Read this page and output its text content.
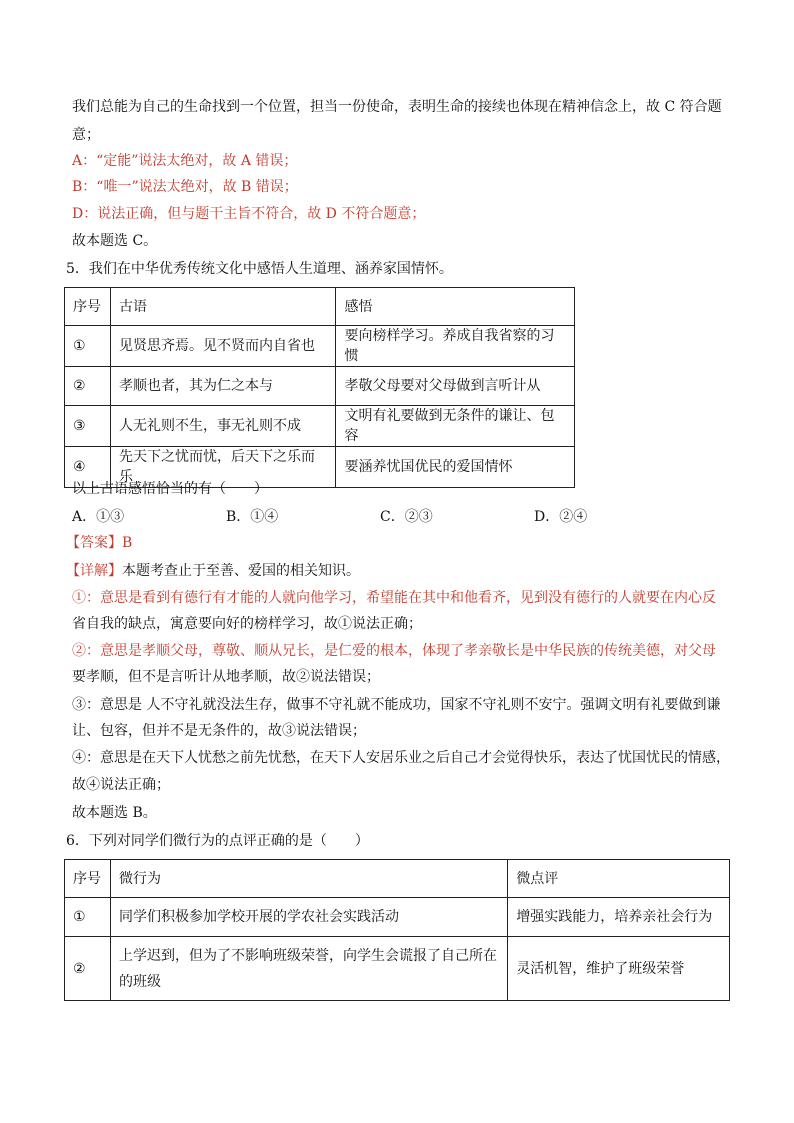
我们总能为自己的生命找到一个位置，担当一份使命，表明生命的接续也体现在精神信念上，故 C 符合题
意；
A：“定能”说法太绝对，故 A 错误；
B：“唯一”说法太绝对，故 B 错误；
D：说法正确，但与题干主旨不符合，故 D 不符合题意；
故本题选 C。
5．我们在中华优秀传统文化中感悟人生道理、涵养家国情怀。
序号	古语	感悟
①	见贤思齐焉。见不贤而内自省也	要向榜样学习。养成自我省察的习惯
②	孝顺也者，其为仁之本与	孝敬父母要对父母做到言听计从
③	人无礼则不生，事无礼则不成	文明有礼要做到无条件的谦让、包容
④	先天下之忧而忧，后天下之乐而乐	要涵养忧国优民的爱国情怀
以上古语感悟恰当的有（　　）
A．①③	B．①④	C．②③	D．②④
【答案】B
【详解】本题考查止于至善、爱国的相关知识。
①：意思是看到有德行有才能的人就向他学习，希望能在其中和他看齐，见到没有德行的人就要在内心反
省自我的缺点，寓意要向好的榜样学习，故①说法正确；
②：意思是孝顺父母，尊敬、顺从兄长，是仁爱的根本，体现了孝亲敬长是中华民族的传统美德，对父母
要孝顺，但不是言听计从地孝顺，故②说法错误；
③：意思是 人不守礼就没法生存，做事不守礼就不能成功，国家不守礼则不安宁。强调文明有礼要做到谦
让、包容，但并不是无条件的，故③说法错误；
④：意思是在天下人忧愁之前先忧愁，在天下人安居乐业之后自己才会觉得快乐，表达了忧国忧民的情感，
故④说法正确；
故本题选 B。
6．下列对同学们微行为的点评正确的是（　　）
序号	微行为	微点评
①	同学们积极参加学校开展的学农社会实践活动	增强实践能力，培养亲社会行为
②	上学迟到，但为了不影响班级荣誉，向学生会谎报了自己所在的班级	灵活机智，维护了班级荣誉
